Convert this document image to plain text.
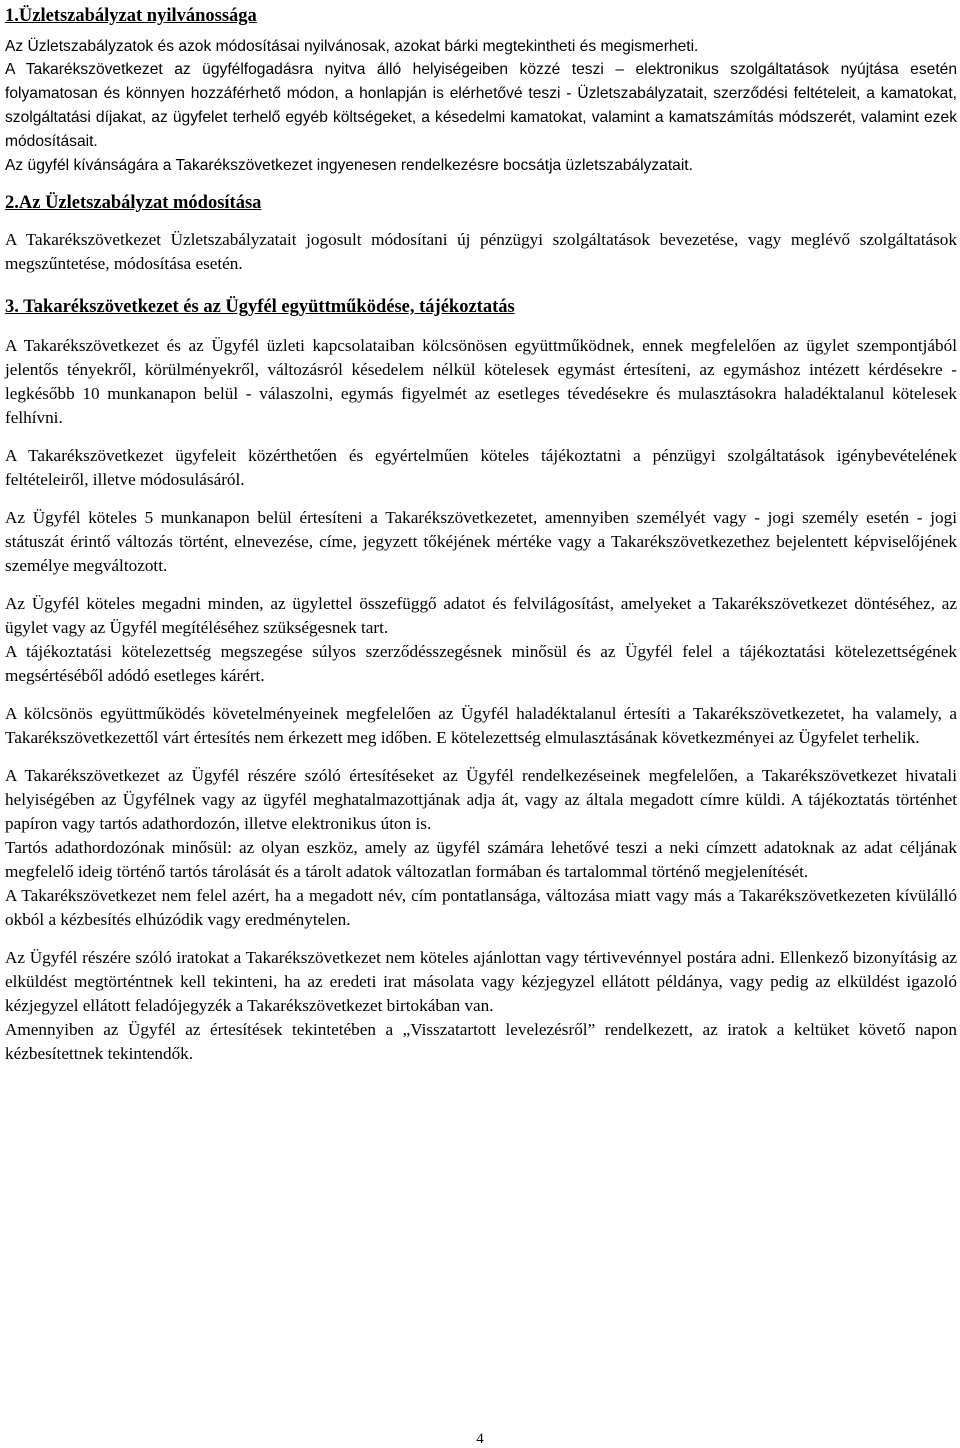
1.Üzletszabályzat nyilvánossága

Az Üzletszabályzatok és azok módosításai nyilvánosak, azokat bárki megtekintheti és megismerheti.

A Takarékszövetkezet az ügyfélfogadásra nyitva álló helyiségeiben közzé teszi – elektronikus szolgáltatások nyújtása esetén folyamatosan és könnyen hozzáférhető módon, a honlapján is elérhetővé teszi - Üzletszabályzatait, szerződési feltételeit, a kamatokat, szolgáltatási díjakat, az ügyfelet terhelő egyéb költségeket, a késedelmi kamatokat, valamint a kamatszámítás módszerét, valamint ezek módosításait.

Az ügyfél kívánságára a Takarékszövetkezet ingyenesen rendelkezésre bocsátja üzletszabályzatait.

2.Az Üzletszabályzat módosítása

A Takarékszövetkezet Üzletszabályzatait jogosult módosítani új pénzügyi szolgáltatások bevezetése, vagy meglévő szolgáltatások megszűntetése, módosítása esetén.

3. Takarékszövetkezet és az Ügyfél együttműködése, tájékoztatás

A Takarékszövetkezet és az Ügyfél üzleti kapcsolataiban kölcsönösen együttműködnek, ennek megfelelően az ügylet szempontjából jelentős tényekről, körülményekről, változásról késedelem nélkül kötelesek egymást értesíteni, az egymáshoz intézett kérdésekre - legkésőbb 10 munkanapon belül - válaszolni, egymás figyelmét az esetleges tévedésekre és mulasztásokra haladéktalanul kötelesek felhívni.

A Takarékszövetkezet ügyfeleit közérthetően és egyértelműen köteles tájékoztatni a pénzügyi szolgáltatások igénybevételének feltételeiről, illetve módosulásáról.

Az Ügyfél köteles 5 munkanapon belül értesíteni a Takarékszövetkezetet, amennyiben személyét vagy - jogi személy esetén - jogi státuszát érintő változás történt, elnevezése, címe, jegyzett tőkéjének mértéke vagy a Takarékszövetkezethez bejelentett képviselőjének személye megváltozott.

Az Ügyfél köteles megadni minden, az ügylettel összefüggő adatot és felvilágosítást, amelyeket a Takarékszövetkezet döntéséhez, az ügylet vagy az Ügyfél megítéléséhez szükségesnek tart.

A tájékoztatási kötelezettség megszegése súlyos szerződésszegésnek minősül és az Ügyfél felel a tájékoztatási kötelezettségének megsértéséből adódó esetleges kárért.

A kölcsönös együttműködés követelményeinek megfelelően az Ügyfél haladéktalanul értesíti a Takarékszövetkezetet, ha valamely, a Takarékszövetkezettől várt értesítés nem érkezett meg időben. E kötelezettség elmulasztásának következményei az Ügyfelet terhelik.

A Takarékszövetkezet az Ügyfél részére szóló értesítéseket az Ügyfél rendelkezéseinek megfelelően, a Takarékszövetkezet hivatali helyiségében az Ügyfélnek vagy az ügyfél meghatalmazottjának adja át, vagy az általa megadott címre küldi. A tájékoztatás történhet papíron vagy tartós adathordozón, illetve elektronikus úton is.

Tartós adathordozónak minősül: az olyan eszköz, amely az ügyfél számára lehetővé teszi a neki címzett adatoknak az adat céljának megfelelő ideig történő tartós tárolását és a tárolt adatok változatlan formában és tartalommal történő megjelenítését.

A Takarékszövetkezet nem felel azért, ha a megadott név, cím pontatlansága, változása miatt vagy más a Takarékszövetkezeten kívülálló okból a kézbesítés elhúzódik vagy eredménytelen.

Az Ügyfél részére szóló iratokat a Takarékszövetkezet nem köteles ajánlottan vagy tértivevénnyel postára adni. Ellenkező bizonyításig az elküldést megtörténtnek kell tekinteni, ha az eredeti irat másolata vagy kézjegyzel ellátott példánya, vagy pedig az elküldést igazoló kézjegyzel ellátott feladójegyzék a Takarékszövetkezet birtokában van.

Amennyiben az Ügyfél az értesítések tekintetében a „Visszatartott levelezésről” rendelkezett, az iratok a keltüket követő napon kézbesítettnek tekintendők.

4
